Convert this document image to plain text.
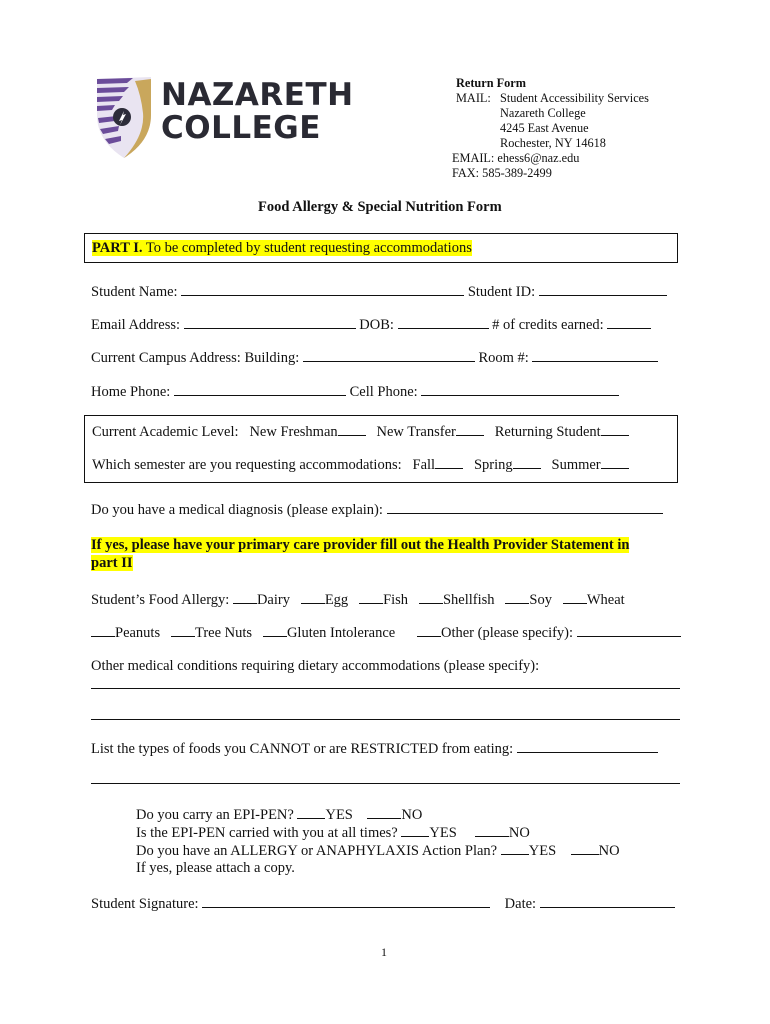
NAZARETH
COLLEGE
Return Form
MAIL: Student Accessibility Services
Nazareth College
4245 East Avenue
Rochester, NY 14618
EMAIL: ehess6@naz.edu
FAX: 585-389-2499
Food Allergy & Special Nutrition Form
PART I. To be completed by student requesting accommodations
Student Name:	Student ID:
Email Address:	DOB:	# of credits earned:
Current Campus Address: Building:	Room #:
Home Phone:	Cell Phone:
Current Academic Level: New Freshman	New Transfer	Returning Student
Which semester are you requesting accommodations: Fall	Spring	Summer
Do you have a medical diagnosis (please explain):
If yes, please have your primary care provider fill out the Health Provider Statement in
part II
Student’s Food Allergy: Dairy Egg Fish Shellfish Soy Wheat
Peanuts Tree Nuts Gluten Intolerance	Other (please specify):
Other medical conditions requiring dietary accommodations (please specify):
List the types of foods you CANNOT or are RESTRICTED from eating:
Do you carry an EPI-PEN? YES	NO
Is the EPI-PEN carried with you at all times? YES	NO
Do you have an ALLERGY or ANAPHYLAXIS Action Plan? YES	NO
If yes, please attach a copy.
Student Signature:	Date:
1
